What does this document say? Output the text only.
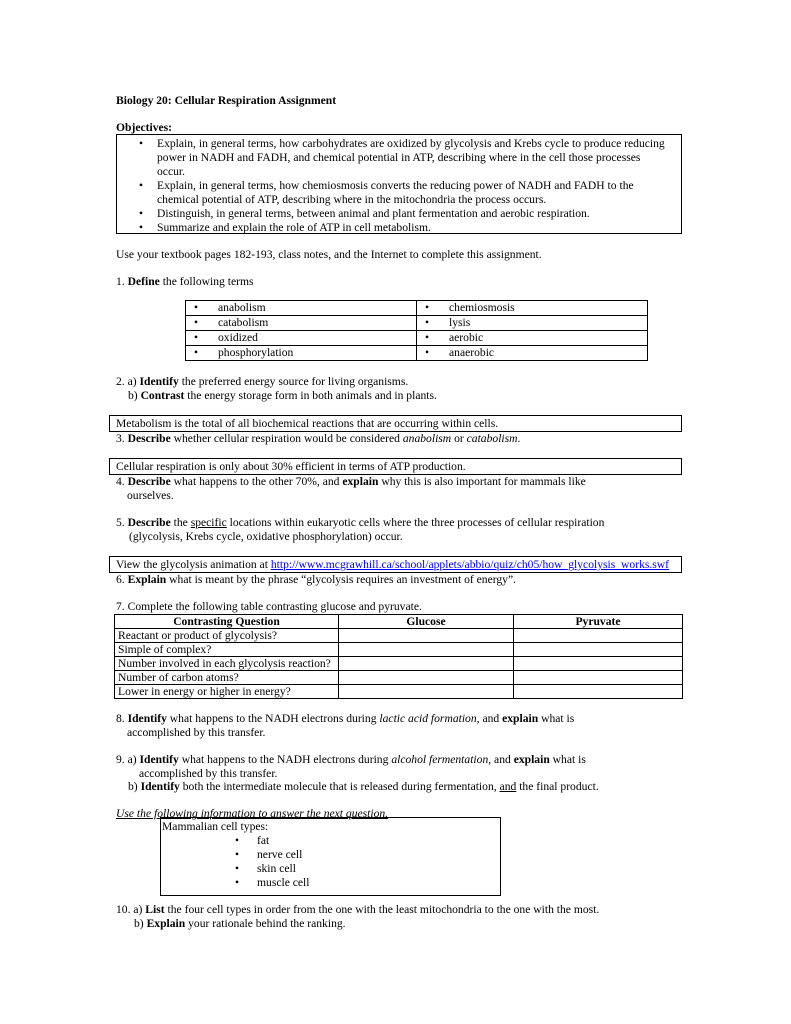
Biology 20: Cellular Respiration Assignment
Objectives:
• Explain, in general terms, how carbohydrates are oxidized by glycolysis and Krebs cycle to produce reducing
power in NADH and FADH, and chemical potential in ATP, describing where in the cell those processes
occur.
• Explain, in general terms, how chemiosmosis converts the reducing power of NADH and FADH to the
chemical potential of ATP, describing where in the mitochondria the process occurs.
• Distinguish, in general terms, between animal and plant fermentation and aerobic respiration.
• Summarize and explain the role of ATP in cell metabolism.
Use your textbook pages 182-193, class notes, and the Internet to complete this assignment.
1. Define the following terms
• anabolism	• chemiosmosis
• catabolism	• lysis
• oxidized	• aerobic
• phosphorylation	• anaerobic
2. a) Identify the preferred energy source for living organisms.
b) Contrast the energy storage form in both animals and in plants.
Metabolism is the total of all biochemical reactions that are occurring within cells.
3. Describe whether cellular respiration would be considered anabolism or catabolism.
Cellular respiration is only about 30% efficient in terms of ATP production.
4. Describe what happens to the other 70%, and explain why this is also important for mammals like
ourselves.
5. Describe the specific locations within eukaryotic cells where the three processes of cellular respiration
(glycolysis, Krebs cycle, oxidative phosphorylation) occur.
View the glycolysis animation at http://www.mcgrawhill.ca/school/applets/abbio/quiz/ch05/how_glycolysis_works.swf
6. Explain what is meant by the phrase “glycolysis requires an investment of energy”.
7. Complete the following table contrasting glucose and pyruvate.
Contrasting Question	Glucose	Pyruvate
Reactant or product of glycolysis?		
Simple of complex?		
Number involved in each glycolysis reaction?		
Number of carbon atoms?		
Lower in energy or higher in energy?		
8. Identify what happens to the NADH electrons during lactic acid formation, and explain what is
accomplished by this transfer.
9. a) Identify what happens to the NADH electrons during alcohol fermentation, and explain what is
accomplished by this transfer.
b) Identify both the intermediate molecule that is released during fermentation, and the final product.
Use the following information to answer the next question.
Mammalian cell types:
• fat
• nerve cell
• skin cell
• muscle cell
10. a) List the four cell types in order from the one with the least mitochondria to the one with the most.
b) Explain your rationale behind the ranking.
